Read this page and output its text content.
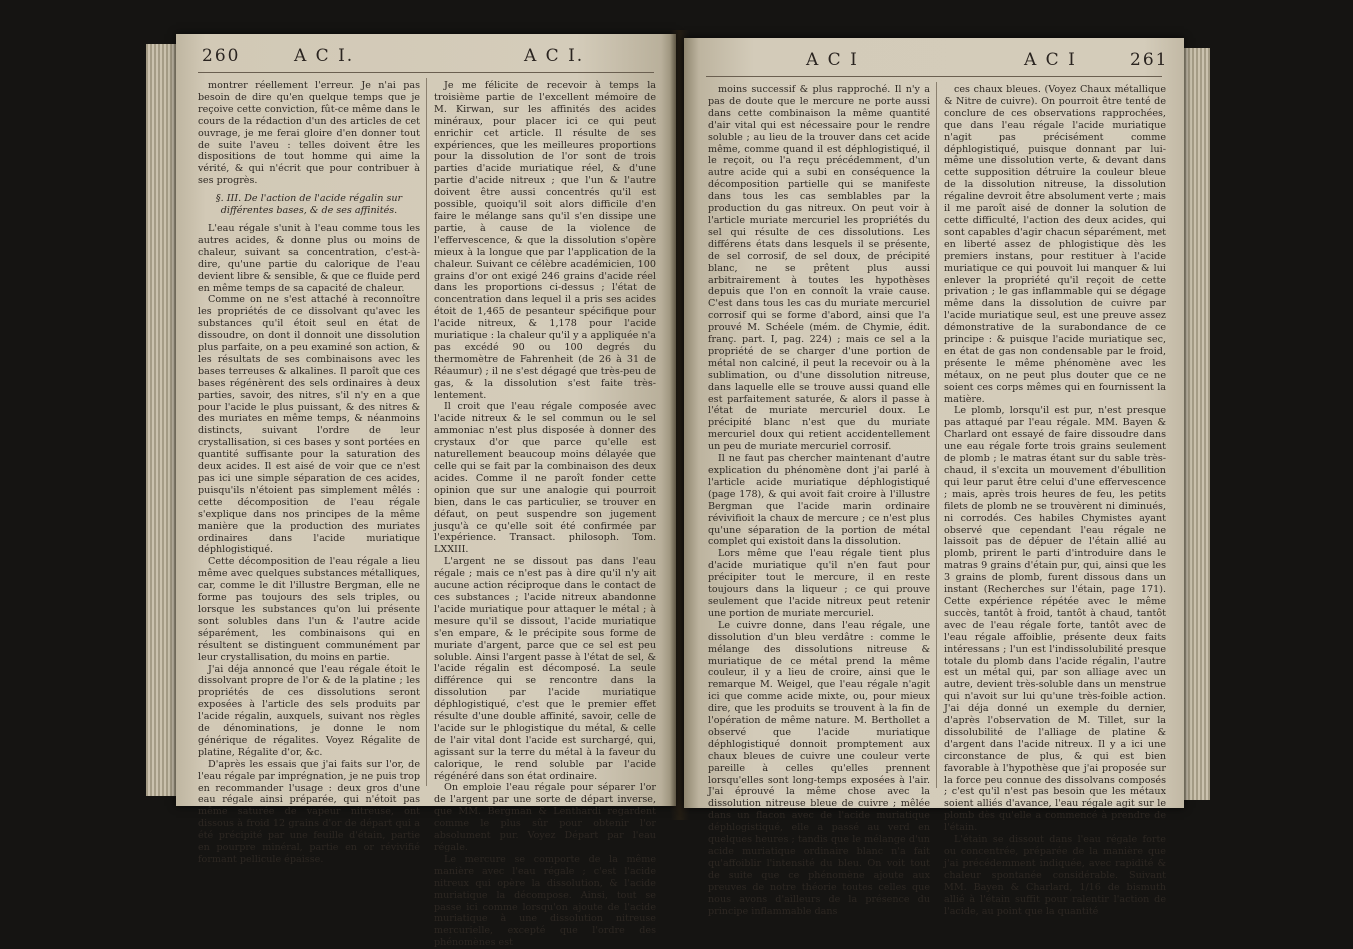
260	A C I.	A C I.

montrer réellement l'erreur. Je n'ai pas besoin de dire qu'en quelque temps que je reçoive cette conviction, fût-ce même dans le cours de la rédaction d'un des articles de cet ouvrage, je me ferai gloire d'en donner tout de suite l'aveu : telles doivent être les dispositions de tout homme qui aime la vérité, & qui n'écrit que pour contribuer à ses progrès.

§. III. De l'action de l'acide régalin sur différentes bases, & de ses affinités.

L'eau régale s'unit à l'eau comme tous les autres acides, & donne plus ou moins de chaleur, suivant sa concentration, c'est-à-dire, qu'une partie du calorique de l'eau devient libre & sensible, & que ce fluide perd en même temps de sa capacité de chaleur.

Comme on ne s'est attaché à reconnoître les propriétés de ce dissolvant qu'avec les substances qu'il étoit seul en état de dissoudre, on dont il donnoit une dissolution plus parfaite, on a peu examiné son action, & les résultats de ses combinaisons avec les bases terreuses & alkalines. Il paroît que ces bases régénèrent des sels ordinaires à deux parties, savoir, des nitres, s'il n'y en a que pour l'acide le plus puissant, & des nitres & des muriates en même temps, & néanmoins distincts, suivant l'ordre de leur crystallisation, si ces bases y sont portées en quantité suffisante pour la saturation des deux acides. Il est aisé de voir que ce n'est pas ici une simple séparation de ces acides, puisqu'ils n'étoient pas simplement mêlés : cette décomposition de l'eau régale s'explique dans nos principes de la même manière que la production des muriates ordinaires dans l'acide muriatique déphlogistiqué.

Cette décomposition de l'eau régale a lieu même avec quelques substances métalliques, car, comme le dit l'illustre Bergman, elle ne forme pas toujours des sels triples, ou lorsque les substances qu'on lui présente sont solubles dans l'un & l'autre acide séparément, les combinaisons qui en résultent se distinguent communément par leur crystallisation, du moins en partie.

J'ai déja annoncé que l'eau régale étoit le dissolvant propre de l'or & de la platine ; les propriétés de ces dissolutions seront exposées à l'article des sels produits par l'acide régalin, auxquels, suivant nos règles de dénominations, je donne le nom générique de régalites. Voyez Régalite de platine, Régalite d'or, &c.

D'après les essais que j'ai faits sur l'or, de l'eau régale par imprégnation, je ne puis trop en recommander l'usage : deux gros d'une eau régale ainsi préparée, qui n'étoit pas même saturée de vapeur nitreuse, ont dissous à froid 12 grains d'or de départ qui a été précipité par une feuille d'étain, partie en pourpre minéral, partie en or révivifié formant pellicule épaisse.

Je me félicite de recevoir à temps la troisième partie de l'excellent mémoire de M. Kirwan, sur les affinités des acides minéraux, pour placer ici ce qui peut enrichir cet article. Il résulte de ses expériences, que les meilleures proportions pour la dissolution de l'or sont de trois parties d'acide muriatique réel, & d'une partie d'acide nitreux ; que l'un & l'autre doivent être aussi concentrés qu'il est possible, quoiqu'il soit alors difficile d'en faire le mélange sans qu'il s'en dissipe une partie, à cause de la violence de l'effervescence, & que la dissolution s'opère mieux à la longue que par l'application de la chaleur. Suivant ce célèbre académicien, 100 grains d'or ont exigé 246 grains d'acide réel dans les proportions ci-dessus ; l'état de concentration dans lequel il a pris ses acides étoit de 1,465 de pesanteur spécifique pour l'acide nitreux, & 1,178 pour l'acide muriatique : la chaleur qu'il y a appliquée n'a pas excédé 90 ou 100 degrés du thermomètre de Fahrenheit (de 26 à 31 de Réaumur) ; il ne s'est dégagé que très-peu de gas, & la dissolution s'est faite très-lentement.

Il croit que l'eau régale composée avec l'acide nitreux & le sel commun ou le sel ammoniac n'est plus disposée à donner des crystaux d'or que parce qu'elle est naturellement beaucoup moins délayée que celle qui se fait par la combinaison des deux acides. Comme il ne paroît fonder cette opinion que sur une analogie qui pourroit bien, dans le cas particulier, se trouver en défaut, on peut suspendre son jugement jusqu'à ce qu'elle soit été confirmée par l'expérience. Transact. philosoph. Tom. LXXIII.

L'argent ne se dissout pas dans l'eau régale ; mais ce n'est pas à dire qu'il n'y ait aucune action réciproque dans le contact de ces substances ; l'acide nitreux abandonne l'acide muriatique pour attaquer le métal ; à mesure qu'il se dissout, l'acide muriatique s'en empare, & le précipite sous forme de muriate d'argent, parce que ce sel est peu soluble. Ainsi l'argent passe à l'état de sel, & l'acide régalin est décomposé. La seule différence qui se rencontre dans la dissolution par l'acide muriatique déphlogistiqué, c'est que le premier effet résulte d'une double affinité, savoir, celle de l'acide sur le phlogistique du métal, & celle de l'air vital dont l'acide est surchargé, qui, agissant sur la terre du métal à la faveur du calorique, le rend soluble par l'acide régénéré dans son état ordinaire.

On emploie l'eau régale pour séparer l'or de l'argent par une sorte de départ inverse, que MM. Bergman & Lenthardi regardent comme le plus sûr pour obtenir l'or absolument pur. Voyez Départ par l'eau régale.

Le mercure se comporte de la même manière avec l'eau régale ; c'est l'acide nitreux qui opère la dissolution, & l'acide muriatique la décompose. Ainsi, tout se passe ici comme lorsqu'on ajoute de l'acide muriatique à une dissolution nitreuse mercurielle, excepté que l'ordre des phénomènes est

A C I	A C I	261

moins successif & plus rapproché. Il n'y a pas de doute que le mercure ne porte aussi dans cette combinaison la même quantité d'air vital qui est nécessaire pour le rendre soluble ; au lieu de la trouver dans cet acide même, comme quand il est déphlogistiqué, il le reçoit, ou l'a reçu précédemment, d'un autre acide qui a subi en conséquence la décomposition partielle qui se manifeste dans tous les cas semblables par la production du gas nitreux. On peut voir à l'article muriate mercuriel les propriétés du sel qui résulte de ces dissolutions. Les différens états dans lesquels il se présente, de sel corrosif, de sel doux, de précipité blanc, ne se prêtent plus aussi arbitrairement à toutes les hypothèses depuis que l'on en connoît la vraie cause. C'est dans tous les cas du muriate mercuriel corrosif qui se forme d'abord, ainsi que l'a prouvé M. Schéele (mém. de Chymie, édit. franç. part. I, pag. 224) ; mais ce sel a la propriété de se charger d'une portion de métal non calciné, il peut la recevoir ou à la sublimation, ou d'une dissolution nitreuse, dans laquelle elle se trouve aussi quand elle est parfaitement saturée, & alors il passe à l'état de muriate mercuriel doux. Le précipité blanc n'est que du muriate mercuriel doux qui retient accidentellement un peu de muriate mercuriel corrosif.

Il ne faut pas chercher maintenant d'autre explication du phénomène dont j'ai parlé à l'article acide muriatique déphlogistiqué (page 178), & qui avoit fait croire à l'illustre Bergman que l'acide marin ordinaire révivifioit la chaux de mercure ; ce n'est plus qu'une séparation de la portion de métal complet qui existoit dans la dissolution.

Lors même que l'eau régale tient plus d'acide muriatique qu'il n'en faut pour précipiter tout le mercure, il en reste toujours dans la liqueur ; ce qui prouve seulement que l'acide nitreux peut retenir une portion de muriate mercuriel.

Le cuivre donne, dans l'eau régale, une dissolution d'un bleu verdâtre : comme le mélange des dissolutions nitreuse & muriatique de ce métal prend la même couleur, il y a lieu de croire, ainsi que le remarque M. Weigel, que l'eau régale n'agit ici que comme acide mixte, ou, pour mieux dire, que les produits se trouvent à la fin de l'opération de même nature. M. Berthollet a observé que l'acide muriatique déphlogistiqué donnoit promptement aux chaux bleues de cuivre une couleur verte pareille à celles qu'elles prennent lorsqu'elles sont long-temps exposées à l'air. J'ai éprouvé la même chose avec la dissolution nitreuse bleue de cuivre ; mêlée dans un flacon avec de l'acide muriatique déphlogistiqué, elle a passé au verd en quelques heures ; tandis que le mélange d'un acide muriatique ordinaire blanc n'a fait qu'affoiblir l'intensité du bleu. On voit tout de suite que ce phénomène ajoute aux preuves de notre théorie toutes celles que nous avons d'ailleurs de la présence du principe inflammable dans

ces chaux bleues. (Voyez Chaux métallique & Nitre de cuivre). On pourroit être tenté de conclure de ces observations rapprochées, que dans l'eau régale l'acide muriatique n'agit pas précisément comme déphlogistiqué, puisque donnant par lui-même une dissolution verte, & devant dans cette supposition détruire la couleur bleue de la dissolution nitreuse, la dissolution régaline devroit être absolument verte ; mais il me paroît aisé de donner la solution de cette difficulté, l'action des deux acides, qui sont capables d'agir chacun séparément, met en liberté assez de phlogistique dès les premiers instans, pour restituer à l'acide muriatique ce qui pouvoit lui manquer & lui enlever la propriété qu'il reçoit de cette privation ; le gas inflammable qui se dégage même dans la dissolution de cuivre par l'acide muriatique seul, est une preuve assez démonstrative de la surabondance de ce principe : & puisque l'acide muriatique sec, en état de gas non condensable par le froid, présente le même phénomène avec les métaux, on ne peut plus douter que ce ne soient ces corps mêmes qui en fournissent la matière.

Le plomb, lorsqu'il est pur, n'est presque pas attaqué par l'eau régale. MM. Bayen & Charlard ont essayé de faire dissoudre dans une eau régale forte trois grains seulement de plomb ; le matras étant sur du sable très-chaud, il s'excita un mouvement d'ébullition qui leur parut être celui d'une effervescence ; mais, après trois heures de feu, les petits filets de plomb ne se trouvèrent ni diminués, ni corrodés. Ces habiles Chymistes ayant observé que cependant l'eau régale ne laissoit pas de dépuer de l'étain allié au plomb, prirent le parti d'introduire dans le matras 9 grains d'étain pur, qui, ainsi que les 3 grains de plomb, furent dissous dans un instant (Recherches sur l'étain, page 171). Cette expérience répétée avec le même succès, tantôt à froid, tantôt à chaud, tantôt avec de l'eau régale forte, tantôt avec de l'eau régale affoiblie, présente deux faits intéressans ; l'un est l'indissolubilité presque totale du plomb dans l'acide régalin, l'autre est un métal qui, par son alliage avec un autre, devient très-soluble dans un menstrue qui n'avoit sur lui qu'une très-foible action. J'ai déja donné un exemple du dernier, d'après l'observation de M. Tillet, sur la dissolubilité de l'alliage de platine & d'argent dans l'acide nitreux. Il y a ici une circonstance de plus, & qui est bien favorable à l'hypothèse que j'ai proposée sur la force peu connue des dissolvans composés ; c'est qu'il n'est pas besoin que les métaux soient alliés d'avance, l'eau régale agit sur le plomb dès qu'elle a commencé à prendre de l'étain.

L'étain se dissout dans l'eau régale forte ou concentrée, préparée de la manière que j'ai précédemment indiquée, avec rapidité & chaleur spontanée considérable. Suivant MM. Bayen & Charlard, 1/16 de bismuth allié à l'étain suffit pour ralentir l'action de l'acide, au point que la quantité
